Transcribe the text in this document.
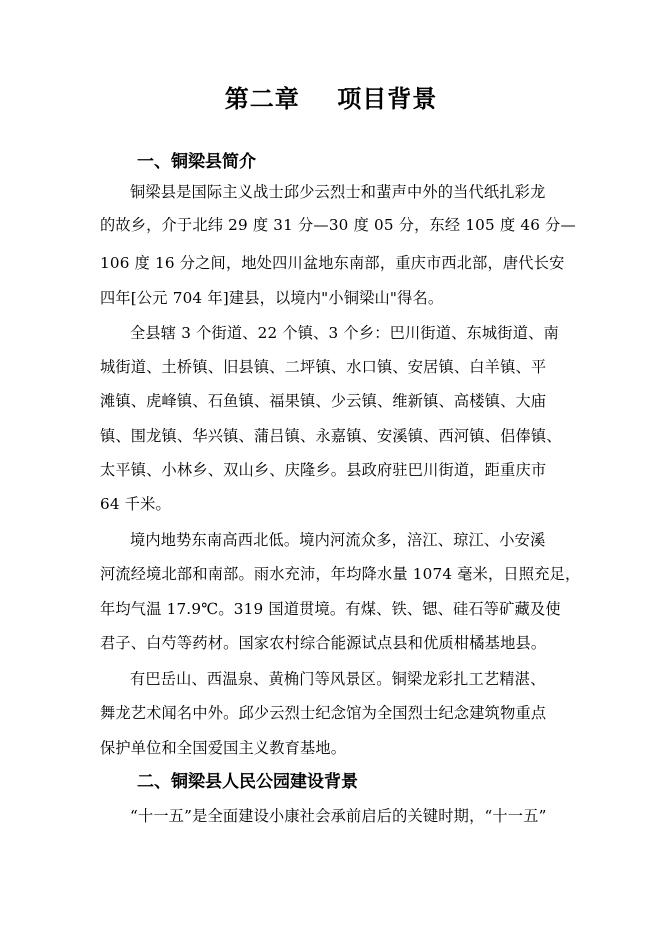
第二章    项目背景
一、铜梁县简介
铜梁县是国际主义战士邱少云烈士和蜚声中外的当代纸扎彩龙
的故乡，介于北纬 29 度 31 分—30 度 05 分，东经 105 度 46 分—
106 度 16 分之间，地处四川盆地东南部，重庆市西北部，唐代长安
四年[公元 704 年]建县，以境内"小铜梁山"得名。
全县辖 3 个街道、22 个镇、3 个乡：巴川街道、东城街道、南
城街道、土桥镇、旧县镇、二坪镇、水口镇、安居镇、白羊镇、平
滩镇、虎峰镇、石鱼镇、福果镇、少云镇、维新镇、高楼镇、大庙
镇、围龙镇、华兴镇、蒲吕镇、永嘉镇、安溪镇、西河镇、侣俸镇、
太平镇、小林乡、双山乡、庆隆乡。县政府驻巴川街道，距重庆市
64 千米。
境内地势东南高西北低。境内河流众多，涪江、琼江、小安溪
河流经境北部和南部。雨水充沛，年均降水量 1074 毫米，日照充足，
年均气温 17.9℃。319 国道贯境。有煤、铁、锶、硅石等矿藏及使
君子、白芍等药材。国家农村综合能源试点县和优质柑橘基地县。
有巴岳山、西温泉、黄桷门等风景区。铜梁龙彩扎工艺精湛、
舞龙艺术闻名中外。邱少云烈士纪念馆为全国烈士纪念建筑物重点
保护单位和全国爱国主义教育基地。
二、铜梁县人民公园建设背景
“十一五”是全面建设小康社会承前启后的关键时期，“十一五”
